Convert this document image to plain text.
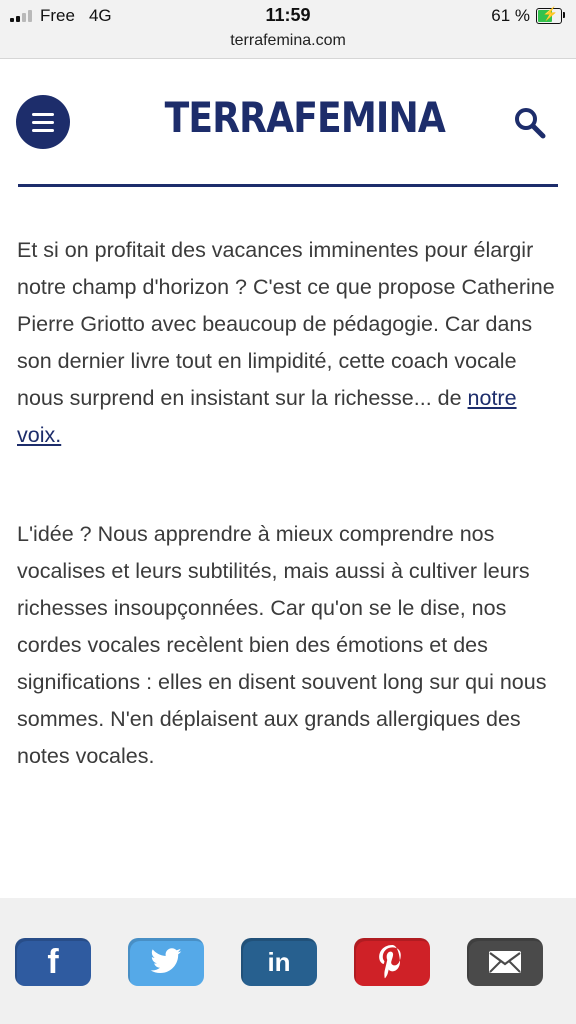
Free 4G	11:59	61 % ⚡
terrafemina.com
TERRAFEMINA

Et si on profitait des vacances imminentes pour élargir notre champ d'horizon ? C'est ce que propose Catherine Pierre Griotto avec beaucoup de pédagogie. Car dans son dernier livre tout en limpidité, cette coach vocale nous surprend en insistant sur la richesse... de notre voix.

L'idée ? Nous apprendre à mieux comprendre nos vocalises et leurs subtilités, mais aussi à cultiver leurs richesses insoupçonnées. Car qu'on se le dise, nos cordes vocales recèlent bien des émotions et des significations : elles en disent souvent long sur qui nous sommes. N'en déplaisent aux grands allergiques des notes vocales.

f	in
